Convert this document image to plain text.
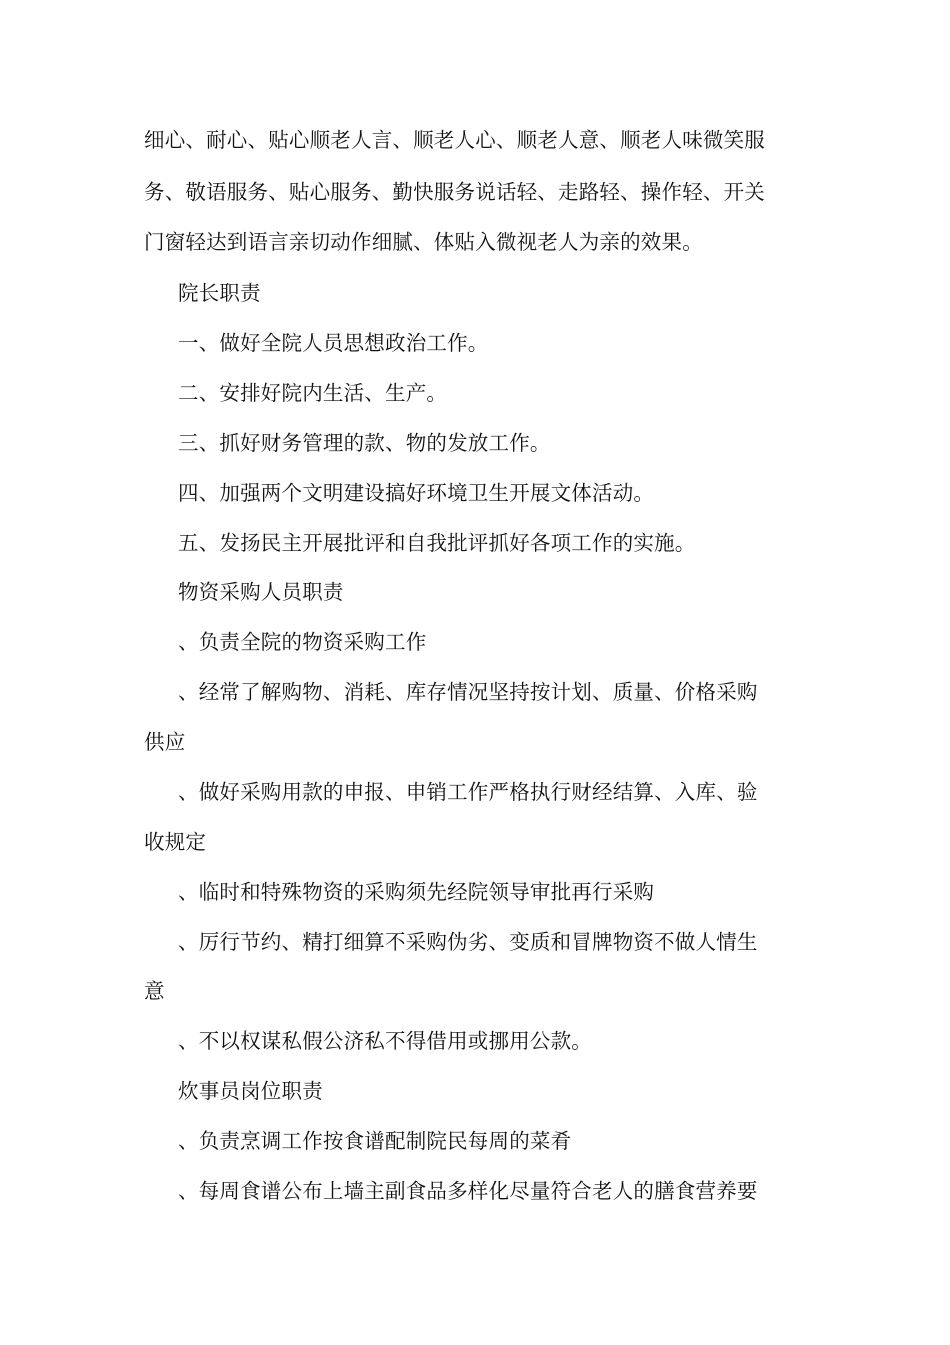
细心、耐心、贴心顺老人言、顺老人心、顺老人意、顺老人味微笑服
务、敬语服务、贴心服务、勤快服务说话轻、走路轻、操作轻、开关
门窗轻达到语言亲切动作细腻、体贴入微视老人为亲的效果。
院长职责
一、做好全院人员思想政治工作。
二、安排好院内生活、生产。
三、抓好财务管理的款、物的发放工作。
四、加强两个文明建设搞好环境卫生开展文体活动。
五、发扬民主开展批评和自我批评抓好各项工作的实施。
物资采购人员职责
、负责全院的物资采购工作
、经常了解购物、消耗、库存情况坚持按计划、质量、价格采购
供应
、做好采购用款的申报、申销工作严格执行财经结算、入库、验
收规定
、临时和特殊物资的采购须先经院领导审批再行采购
、厉行节约、精打细算不采购伪劣、变质和冒牌物资不做人情生
意
、不以权谋私假公济私不得借用或挪用公款。
炊事员岗位职责
、负责烹调工作按食谱配制院民每周的菜肴
、每周食谱公布上墙主副食品多样化尽量符合老人的膳食营养要
